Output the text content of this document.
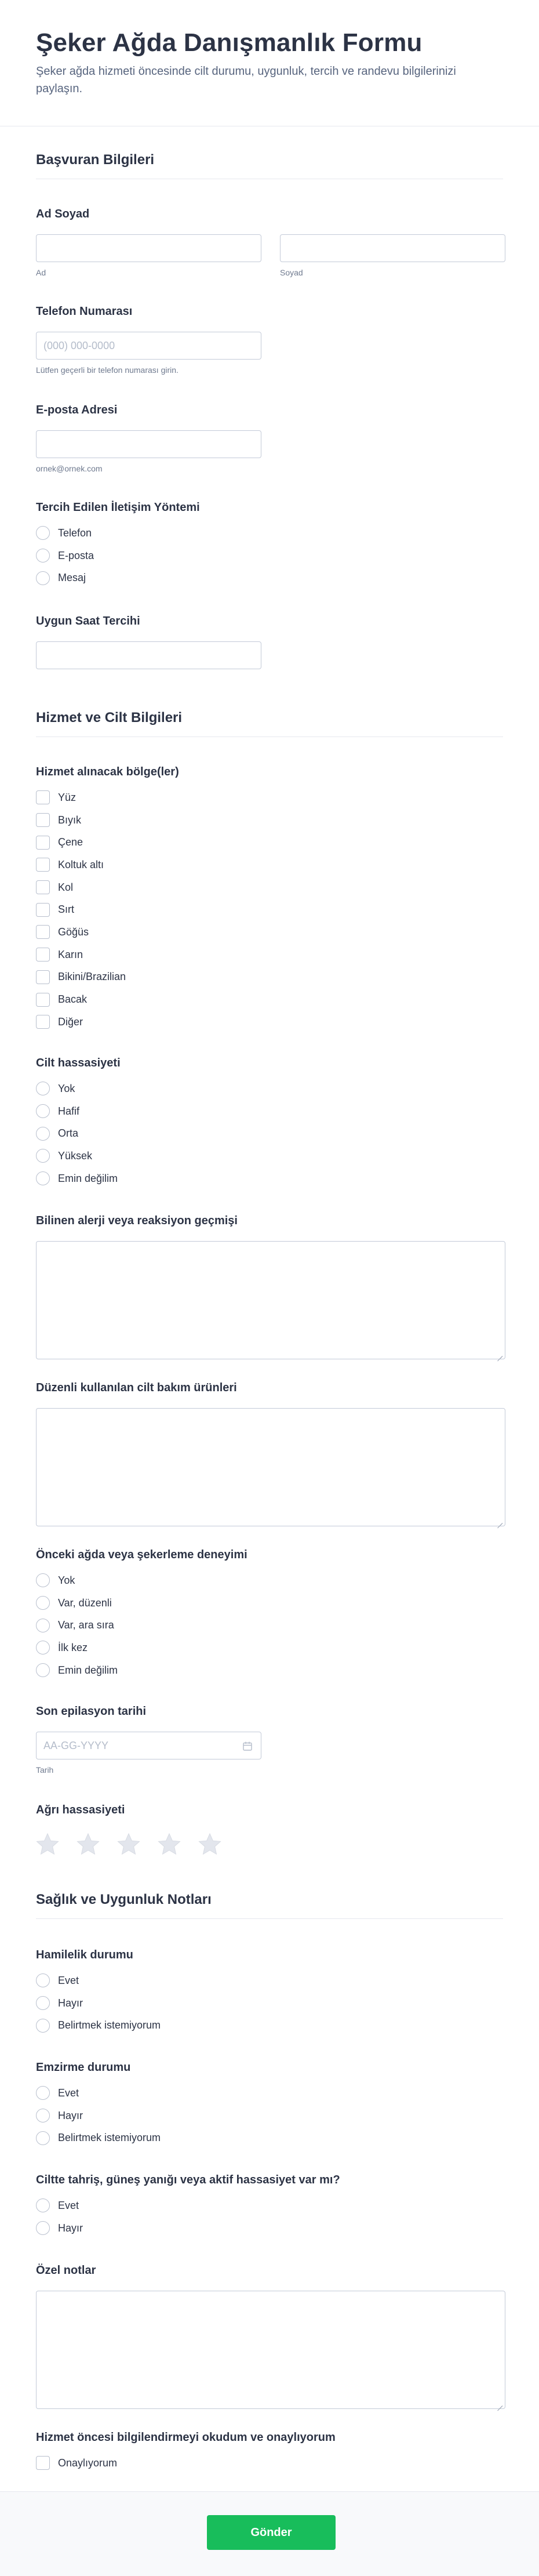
Şeker Ağda Danışmanlık Formu
Şeker ağda hizmeti öncesinde cilt durumu, uygunluk, tercih ve randevu bilgilerinizi paylaşın.
Başvuran Bilgileri
Ad Soyad
Ad	Soyad
Telefon Numarası
(000) 000-0000
Lütfen geçerli bir telefon numarası girin.
E-posta Adresi
ornek@ornek.com
Tercih Edilen İletişim Yöntemi
Telefon
E-posta
Mesaj
Uygun Saat Tercihi
Hizmet ve Cilt Bilgileri
Hizmet alınacak bölge(ler)
Yüz
Bıyık
Çene
Koltuk altı
Kol
Sırt
Göğüs
Karın
Bikini/Brazilian
Bacak
Diğer
Cilt hassasiyeti
Yok
Hafif
Orta
Yüksek
Emin değilim
Bilinen alerji veya reaksiyon geçmişi
Düzenli kullanılan cilt bakım ürünleri
Önceki ağda veya şekerleme deneyimi
Yok
Var, düzenli
Var, ara sıra
İlk kez
Emin değilim
Son epilasyon tarihi
AA-GG-YYYY
Tarih
Ağrı hassasiyeti
Sağlık ve Uygunluk Notları
Hamilelik durumu
Evet
Hayır
Belirtmek istemiyorum
Emzirme durumu
Evet
Hayır
Belirtmek istemiyorum
Ciltte tahriş, güneş yanığı veya aktif hassasiyet var mı?
Evet
Hayır
Özel notlar
Hizmet öncesi bilgilendirmeyi okudum ve onaylıyorum
Onaylıyorum
Gönder
